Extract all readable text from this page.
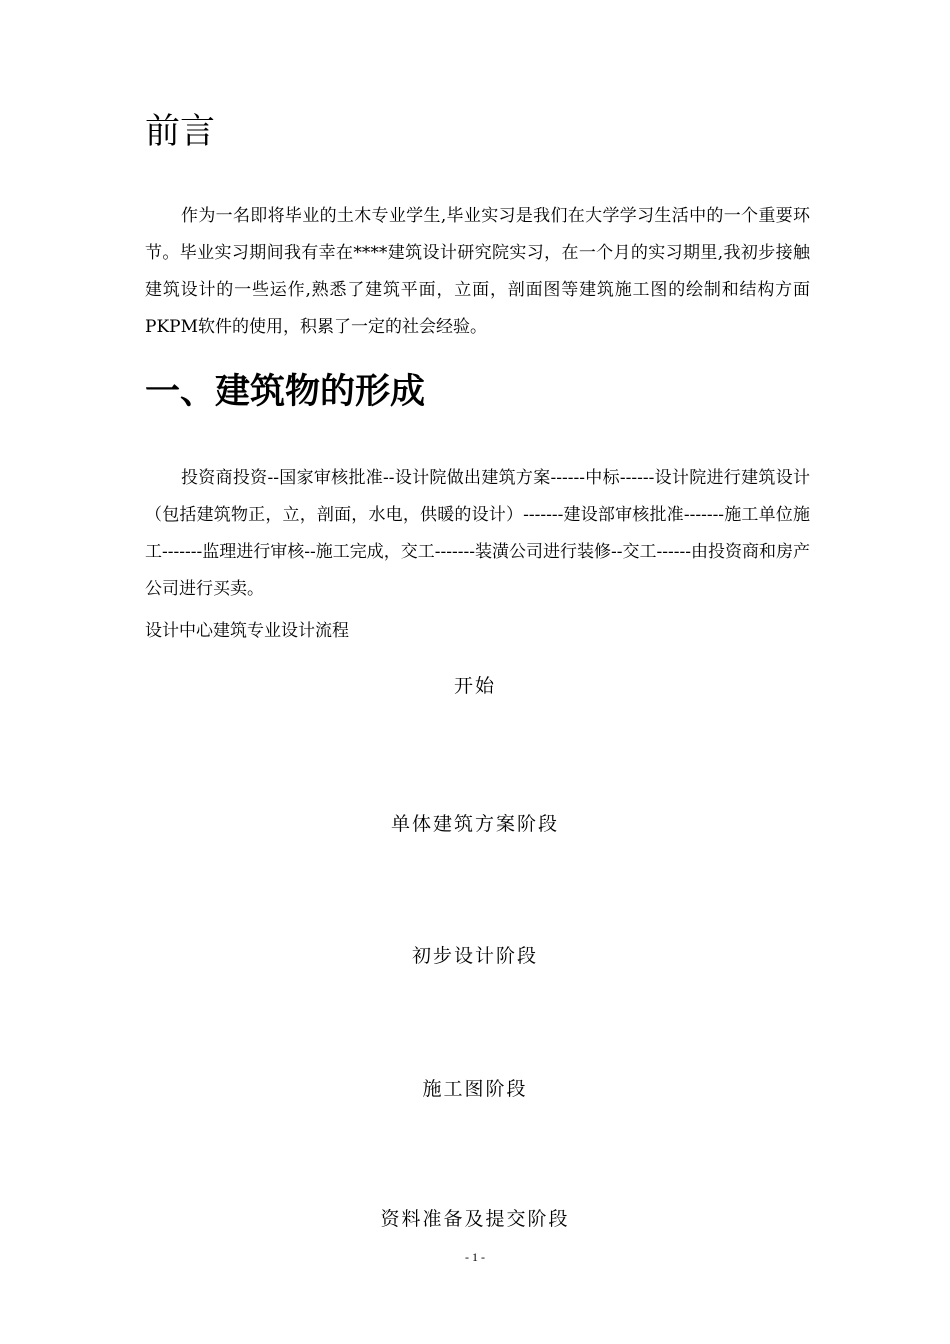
前言

作为一名即将毕业的土木专业学生,毕业实习是我们在大学学习生活中的一个重要环节。毕业实习期间我有幸在****建筑设计研究院实习，在一个月的实习期里,我初步接触建筑设计的一些运作,熟悉了建筑平面，立面，剖面图等建筑施工图的绘制和结构方面PKPM软件的使用，积累了一定的社会经验。

一、建筑物的形成

投资商投资--国家审核批准--设计院做出建筑方案------中标------设计院进行建筑设计（包括建筑物正，立，剖面，水电，供暖的设计）-------建设部审核批准-------施工单位施工-------监理进行审核--施工完成，交工-------装潢公司进行装修--交工------由投资商和房产公司进行买卖。

设计中心建筑专业设计流程

开始
单体建筑方案阶段
初步设计阶段
施工图阶段
资料准备及提交阶段
- 1 -
